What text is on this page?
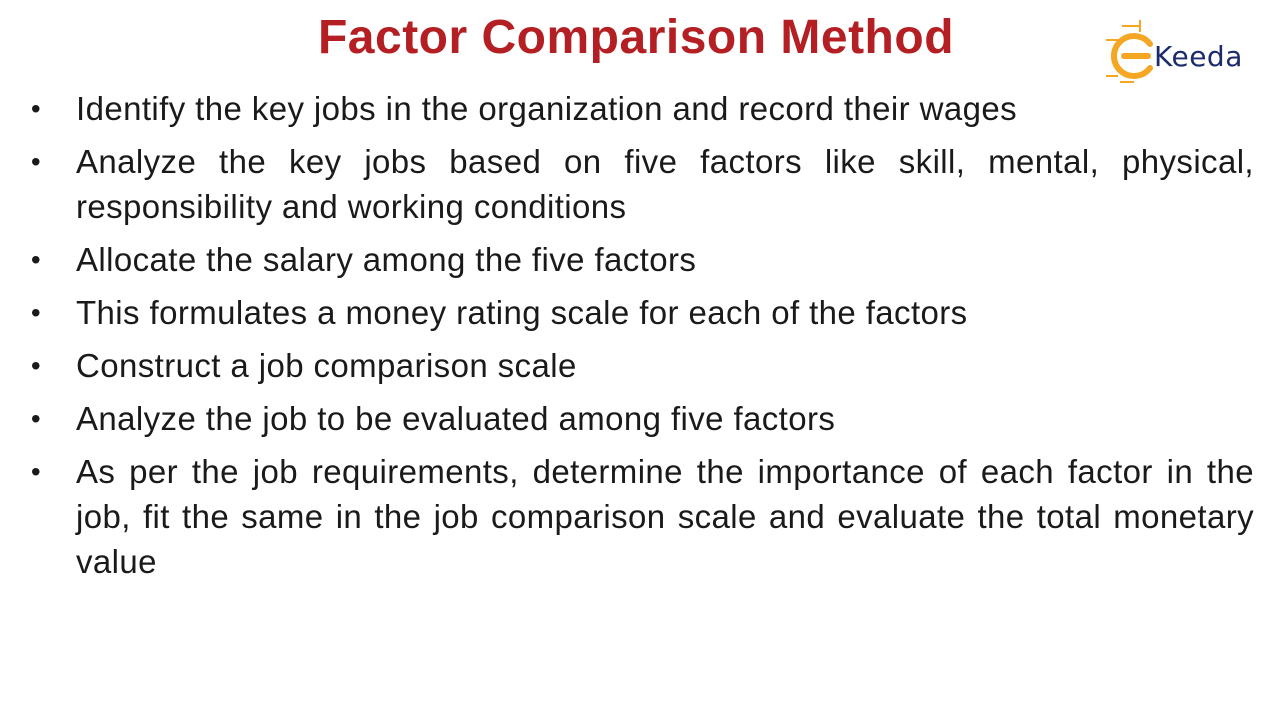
Factor Comparison Method	Keeda
• Identify the key jobs in the organization and record their wages
• Analyze the key jobs based on five factors like skill, mental, physical, responsibility and working conditions
• Allocate the salary among the five factors
• This formulates a money rating scale for each of the factors
• Construct a job comparison scale
• Analyze the job to be evaluated among five factors
• As per the job requirements, determine the importance of each factor in the job, fit the same in the job comparison scale and evaluate the total monetary value
